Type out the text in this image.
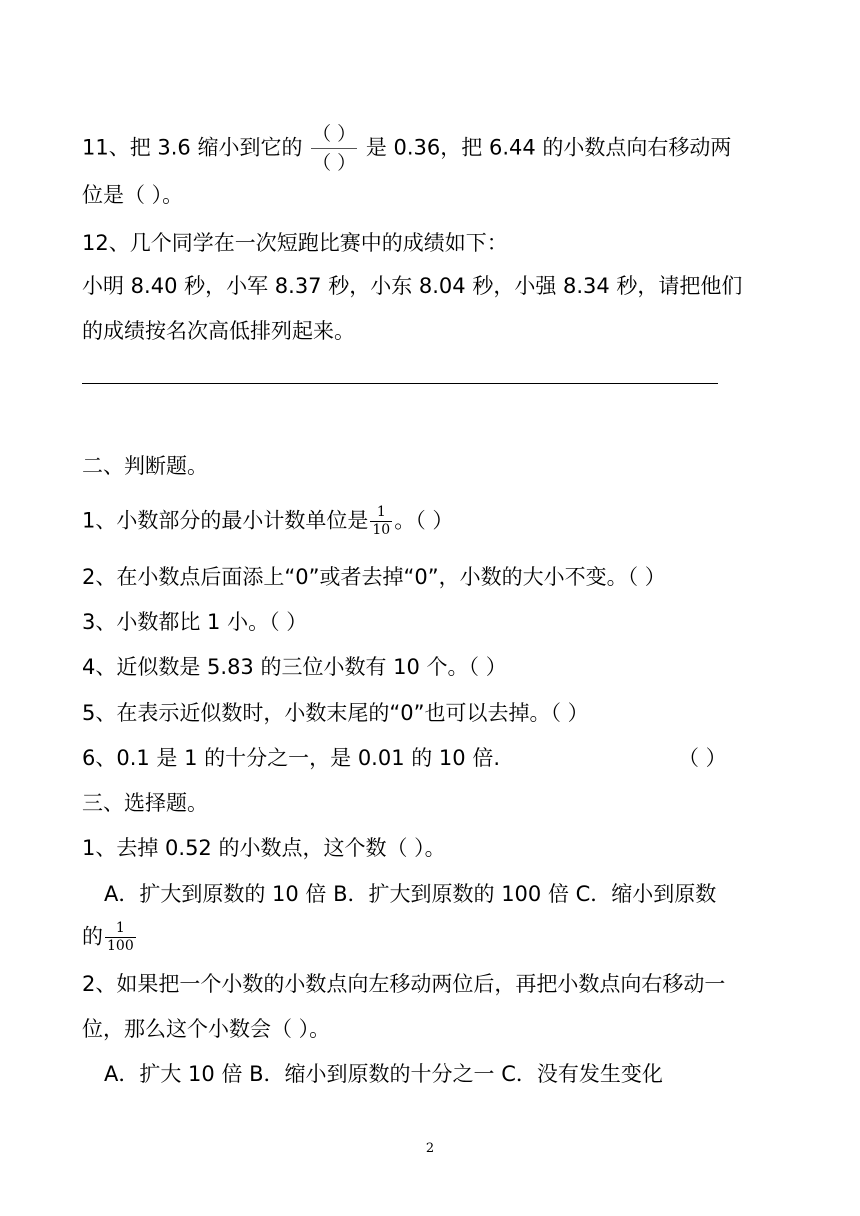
11、把 3.6 缩小到它的 $\frac{( )}{( )}$ 是 0.36，把 6.44 的小数点向右移动两
位是（ ）。
12、几个同学在一次短跑比赛中的成绩如下：
小明 8.40 秒，小军 8.37 秒，小东 8.04 秒，小强 8.34 秒，请把他们
的成绩按名次高低排列起来。
二、判断题。
1、小数部分的最小计数单位是 $\frac{1}{10}$ 。（ ）
2、在小数点后面添上“0”或者去掉“0”，小数的大小不变。（ ）
3、小数都比 1 小。（ ）
4、近似数是 5.83 的三位小数有 10 个。（ ）
5、在表示近似数时，小数末尾的“0”也可以去掉。（ ）
6、0.1 是 1 的十分之一，是 0.01 的 10 倍.	（ ）
三、选择题。
1、去掉 0.52 的小数点，这个数（ ）。
A．扩大到原数的 10 倍 B．扩大到原数的 100 倍 C．缩小到原数
的 $\frac{1}{100}$
2、如果把一个小数的小数点向左移动两位后，再把小数点向右移动一
位，那么这个小数会（ ）。
A．扩大 10 倍 B．缩小到原数的十分之一 C．没有发生变化
2
